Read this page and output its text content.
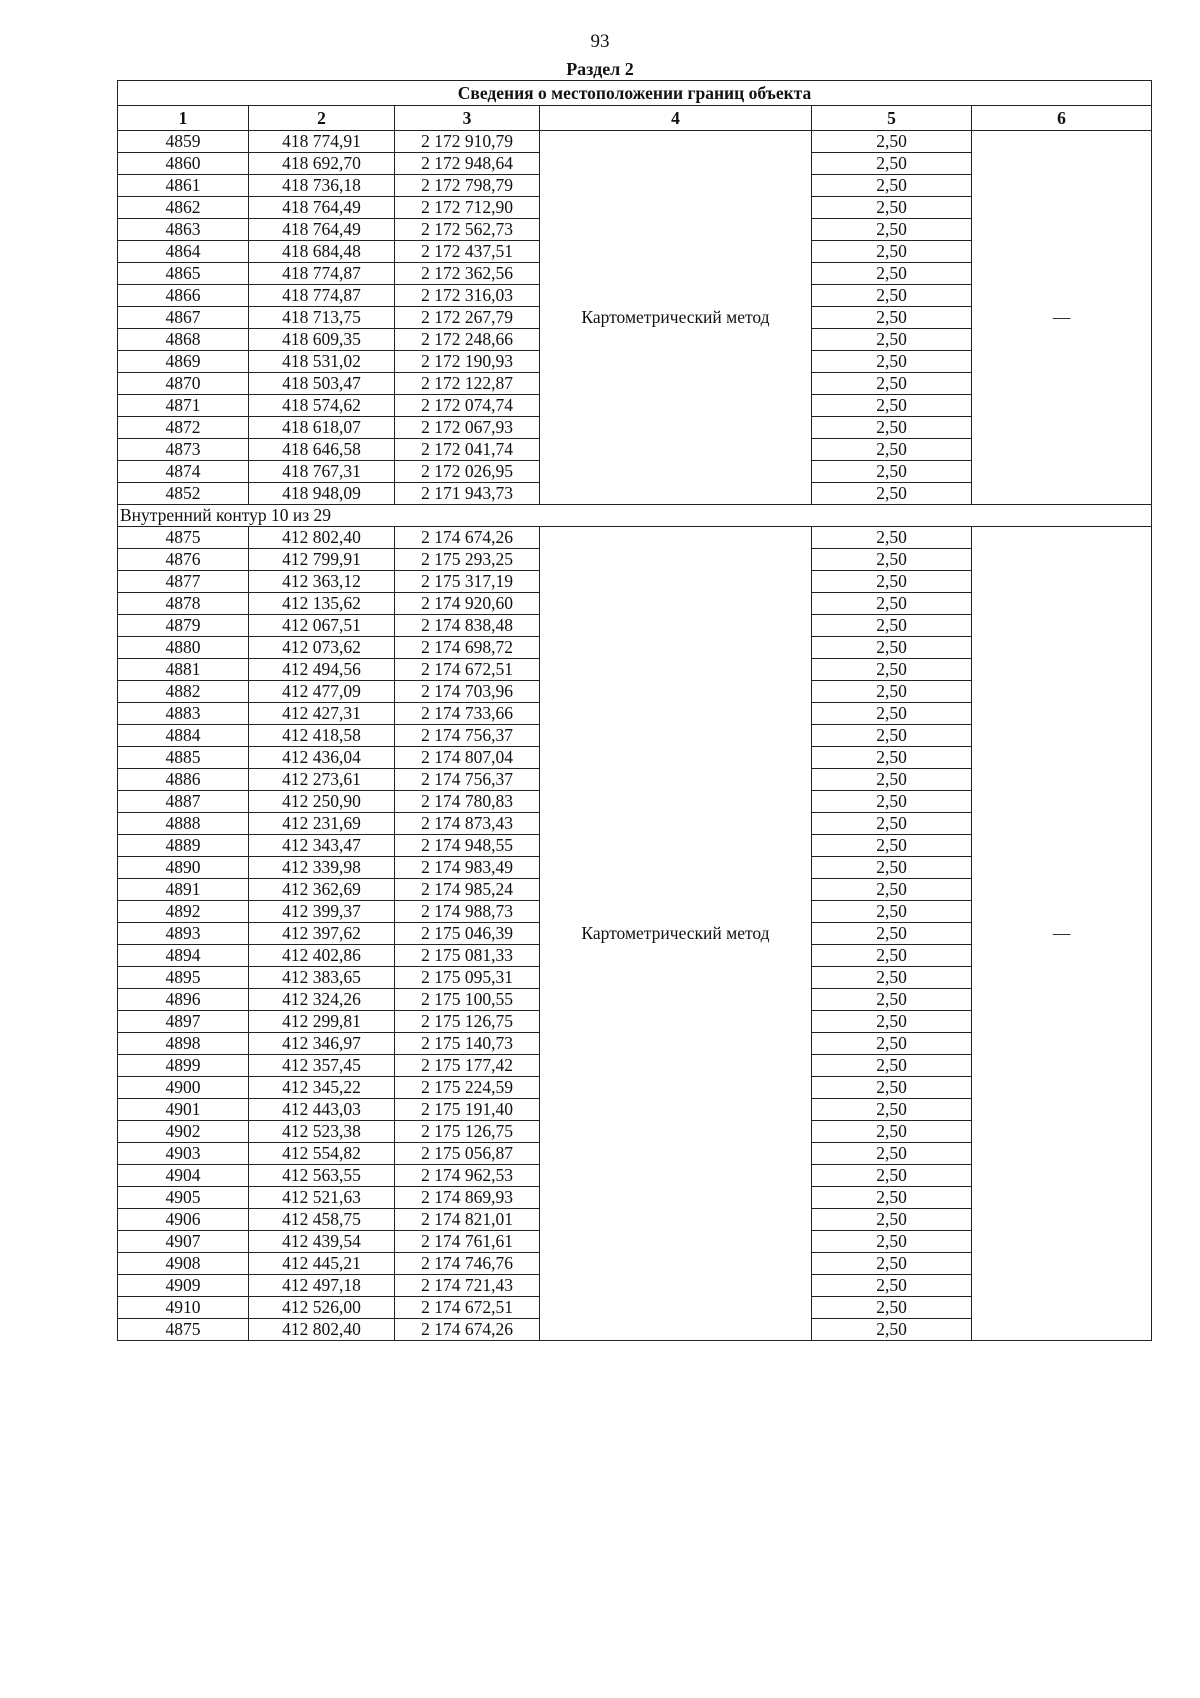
93
Раздел 2
Сведения о местоположении границ объекта					
1	2	3	4	5	6
4859	418 774,91	2 172 910,79	Картометрический метод	2,50	—
4860	418 692,70	2 172 948,64		2,50	
4861	418 736,18	2 172 798,79		2,50	
4862	418 764,49	2 172 712,90		2,50	
4863	418 764,49	2 172 562,73		2,50	
4864	418 684,48	2 172 437,51		2,50	
4865	418 774,87	2 172 362,56		2,50	
4866	418 774,87	2 172 316,03		2,50	
4867	418 713,75	2 172 267,79		2,50	
4868	418 609,35	2 172 248,66		2,50	
4869	418 531,02	2 172 190,93		2,50	
4870	418 503,47	2 172 122,87		2,50	
4871	418 574,62	2 172 074,74		2,50	
4872	418 618,07	2 172 067,93		2,50	
4873	418 646,58	2 172 041,74		2,50	
4874	418 767,31	2 172 026,95		2,50	
4852	418 948,09	2 171 943,73		2,50	
Внутренний контур 10 из 29					
4875	412 802,40	2 174 674,26	Картометрический метод	2,50	—
4876	412 799,91	2 175 293,25		2,50	
4877	412 363,12	2 175 317,19		2,50	
4878	412 135,62	2 174 920,60		2,50	
4879	412 067,51	2 174 838,48		2,50	
4880	412 073,62	2 174 698,72		2,50	
4881	412 494,56	2 174 672,51		2,50	
4882	412 477,09	2 174 703,96		2,50	
4883	412 427,31	2 174 733,66		2,50	
4884	412 418,58	2 174 756,37		2,50	
4885	412 436,04	2 174 807,04		2,50	
4886	412 273,61	2 174 756,37		2,50	
4887	412 250,90	2 174 780,83		2,50	
4888	412 231,69	2 174 873,43		2,50	
4889	412 343,47	2 174 948,55		2,50	
4890	412 339,98	2 174 983,49		2,50	
4891	412 362,69	2 174 985,24		2,50	
4892	412 399,37	2 174 988,73		2,50	
4893	412 397,62	2 175 046,39		2,50	
4894	412 402,86	2 175 081,33		2,50	
4895	412 383,65	2 175 095,31		2,50	
4896	412 324,26	2 175 100,55		2,50	
4897	412 299,81	2 175 126,75		2,50	
4898	412 346,97	2 175 140,73		2,50	
4899	412 357,45	2 175 177,42		2,50	
4900	412 345,22	2 175 224,59		2,50	
4901	412 443,03	2 175 191,40		2,50	
4902	412 523,38	2 175 126,75		2,50	
4903	412 554,82	2 175 056,87		2,50	
4904	412 563,55	2 174 962,53		2,50	
4905	412 521,63	2 174 869,93		2,50	
4906	412 458,75	2 174 821,01		2,50	
4907	412 439,54	2 174 761,61		2,50	
4908	412 445,21	2 174 746,76		2,50	
4909	412 497,18	2 174 721,43		2,50	
4910	412 526,00	2 174 672,51		2,50	
4875	412 802,40	2 174 674,26		2,50	
